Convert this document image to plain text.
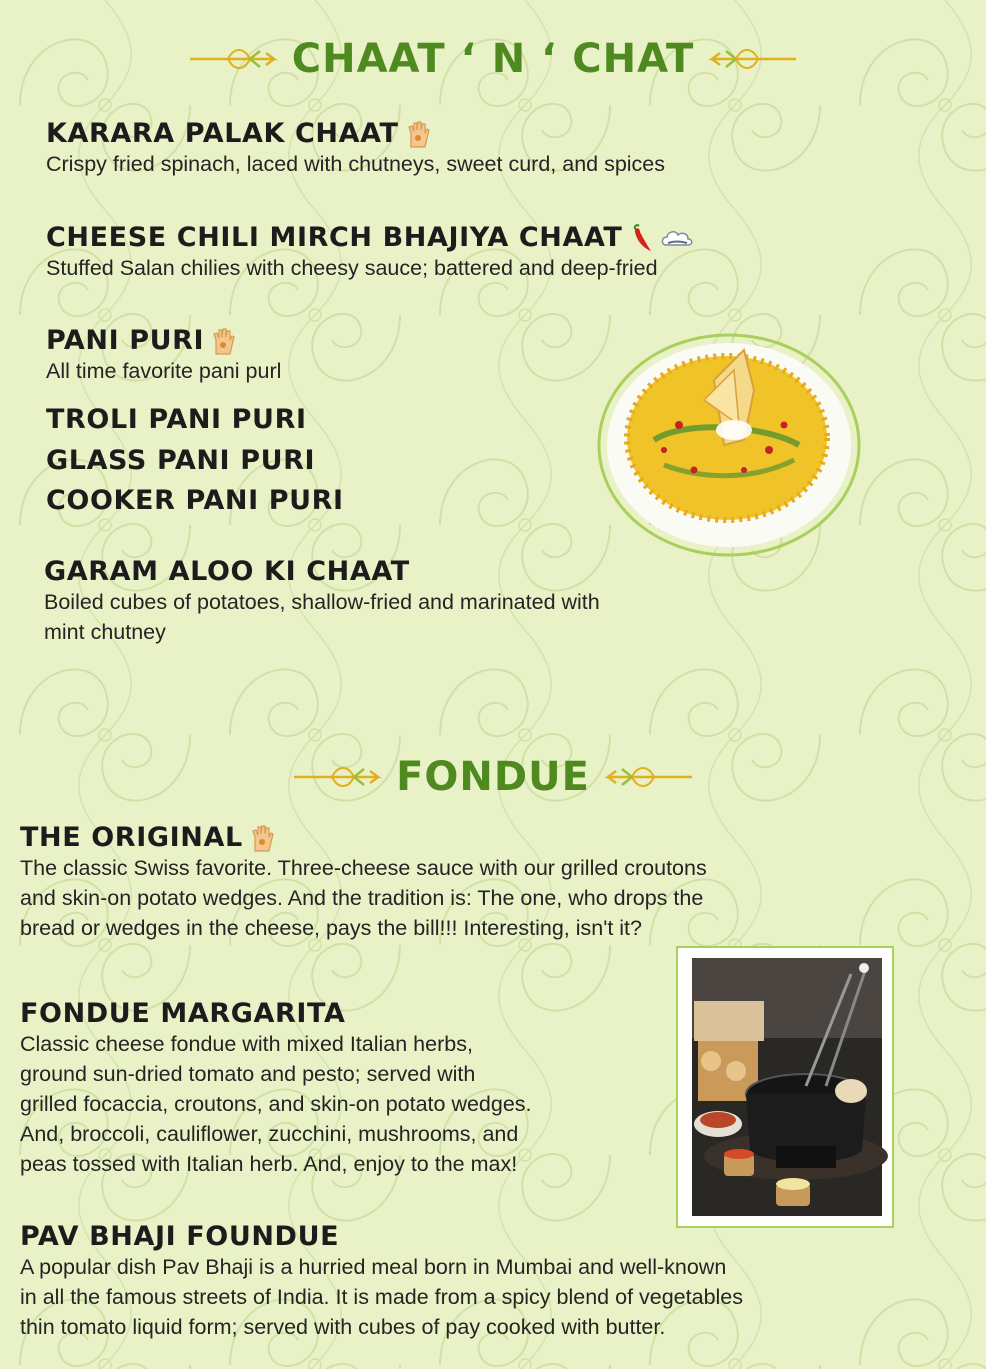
CHAAT ‘ N ‘ CHAT
KARARA PALAK CHAAT
Crispy fried spinach, laced with chutneys, sweet curd, and spices
CHEESE CHILI MIRCH BHAJIYA CHAAT
Stuffed Salan chilies with cheesy sauce; battered and deep-fried
PANI PURI
All time favorite pani purl
TROLI PANI PURI
GLASS PANI PURI
COOKER PANI PURI
GARAM ALOO KI CHAAT
Boiled cubes of potatoes, shallow-fried and marinated with
mint chutney
FONDUE
THE ORIGINAL
The classic Swiss favorite. Three-cheese sauce with our grilled croutons
and skin-on potato wedges. And the tradition is: The one, who drops the
bread or wedges in the cheese, pays the bill!!! Interesting, isn't it?
FONDUE MARGARITA
Classic cheese fondue with mixed Italian herbs,
ground sun-dried tomato and pesto; served with
grilled focaccia, croutons, and skin-on potato wedges.
And, broccoli, cauliflower, zucchini, mushrooms, and
peas tossed with Italian herb. And, enjoy to the max!
PAV BHAJI FOUNDUE
A popular dish Pav Bhaji is a hurried meal born in Mumbai and well-known
in all the famous streets of India. It is made from a spicy blend of vegetables
thin tomato liquid form; served with cubes of pay cooked with butter.
